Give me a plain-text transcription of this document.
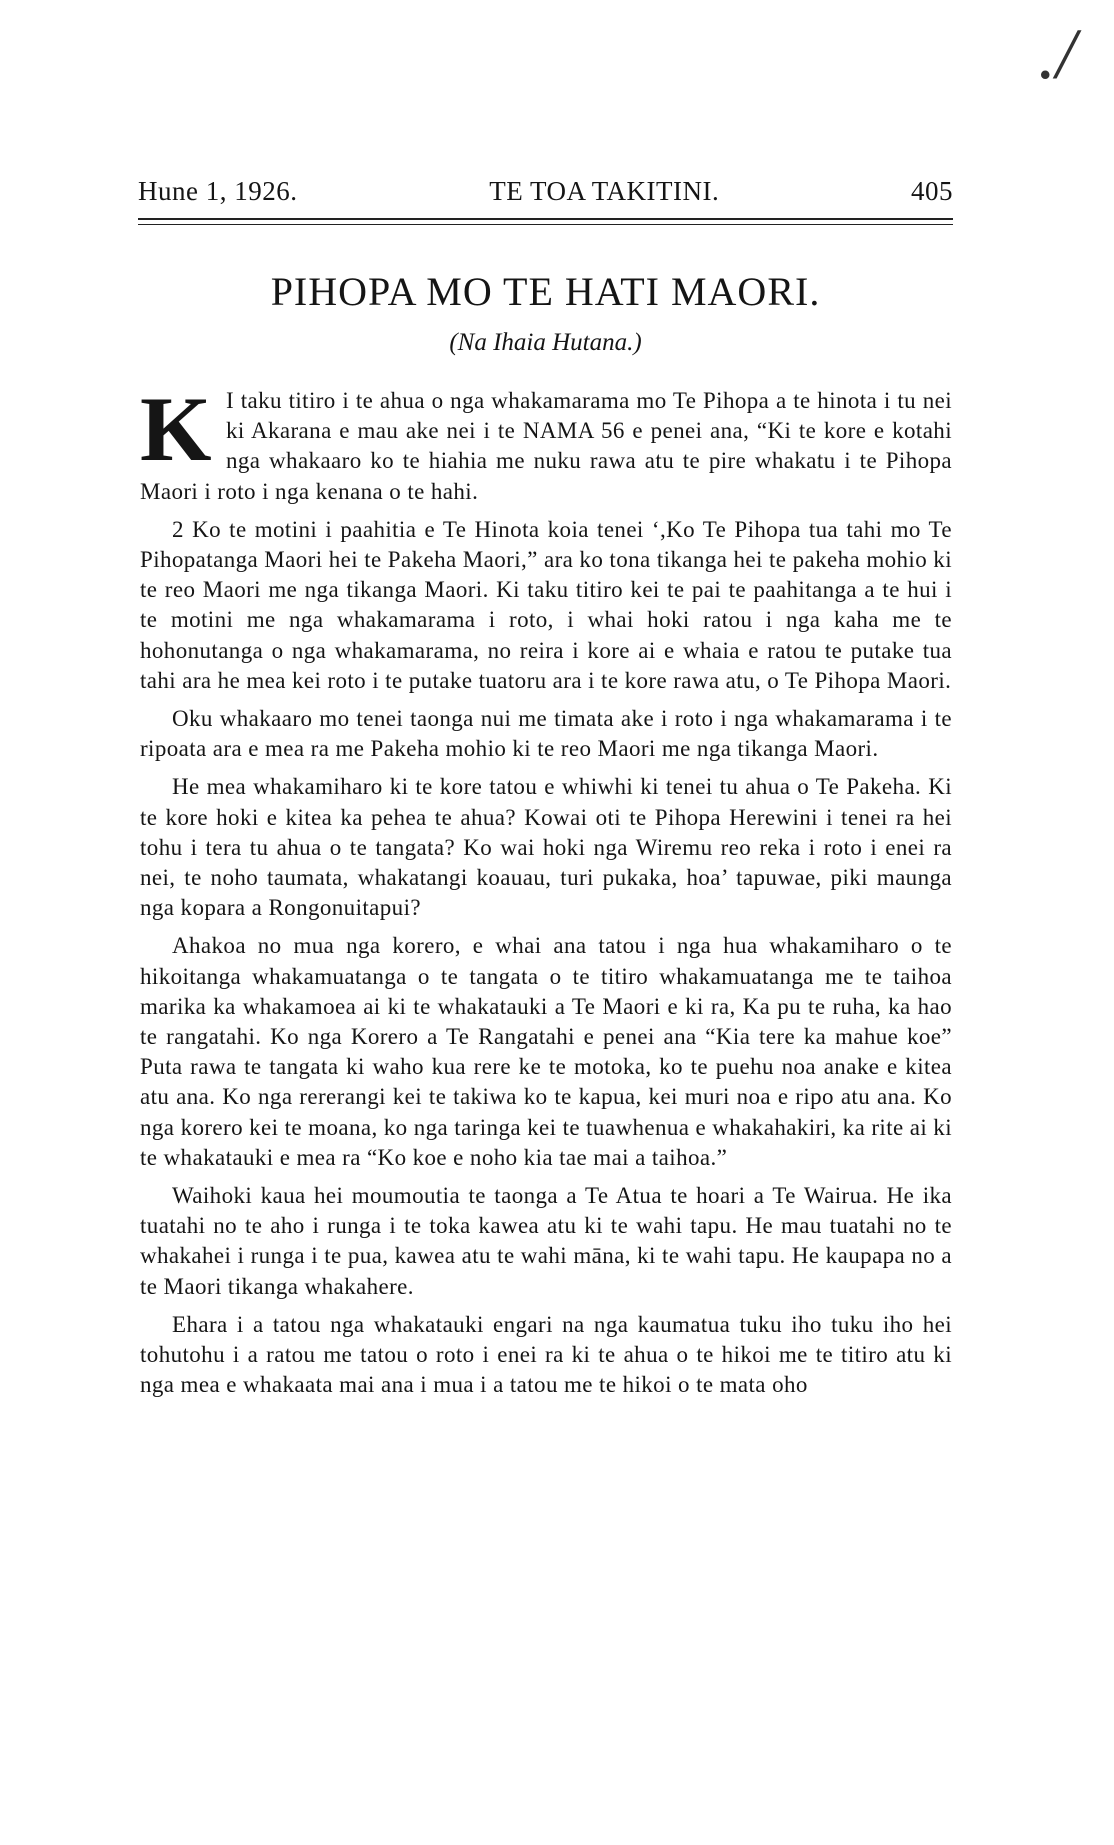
./
Hune 1, 1926.	TE TOA TAKITINI.	405
PIHOPA MO TE HATI MAORI.
(Na Ihaia Hutana.)

K I taku titiro i te ahua o nga whakamarama mo Te Pihopa a te hinota i tu nei ki Akarana e mau ake nei i te NAMA 56 e penei ana, “Ki te kore e kotahi nga whakaaro ko te hiahia me nuku rawa atu te pire whakatu i te Pihopa Maori i roto i nga kenana o te hahi.

2 Ko te motini i paahitia e Te Hinota koia tenei ‘,Ko Te Pihopa tua tahi mo Te Pihopatanga Maori hei te Pakeha Maori,” ara ko tona tikanga hei te pakeha mohio ki te reo Maori me nga tikanga Maori. Ki taku titiro kei te pai te paahitanga a te hui i te motini me nga whakamarama i roto, i whai hoki ratou i nga kaha me te hohonutanga o nga whakamarama, no reira i kore ai e whaia e ratou te putake tua tahi ara he mea kei roto i te putake tuatoru ara i te kore rawa atu, o Te Pihopa Maori.

Oku whakaaro mo tenei taonga nui me timata ake i roto i nga whakamarama i te ripoata ara e mea ra me Pakeha mohio ki te reo Maori me nga tikanga Maori.

He mea whakamiharo ki te kore tatou e whiwhi ki tenei tu ahua o Te Pakeha. Ki te kore hoki e kitea ka pehea te ahua? Kowai oti te Pihopa Herewini i tenei ra hei tohu i tera tu ahua o te tangata? Ko wai hoki nga Wiremu reo reka i roto i enei ra nei, te noho taumata, whakatangi koauau, turi pukaka, hoa’ tapuwae, piki maunga nga kopara a Rongonuitapui?

Ahakoa no mua nga korero, e whai ana tatou i nga hua whakamiharo o te hikoitanga whakamuatanga o te tangata o te titiro whakamuatanga me te taihoa marika ka whakamoea ai ki te whakatauki a Te Maori e ki ra, Ka pu te ruha, ka hao te rangatahi. Ko nga Korero a Te Rangatahi e penei ana “Kia tere ka mahue koe” Puta rawa te tangata ki waho kua rere ke te motoka, ko te puehu noa anake e kitea atu ana. Ko nga rererangi kei te takiwa ko te kapua, kei muri noa e ripo atu ana. Ko nga korero kei te moana, ko nga taringa kei te tuawhenua e whakahakiri, ka rite ai ki te whakatauki e mea ra “Ko koe e noho kia tae mai a taihoa.”

Waihoki kaua hei moumoutia te taonga a Te Atua te hoari a Te Wairua. He ika tuatahi no te aho i runga i te toka kawea atu ki te wahi tapu. He mau tuatahi no te whakahei i runga i te pua, kawea atu te wahi māna, ki te wahi tapu. He kaupapa no a te Maori tikanga whakahere.

Ehara i a tatou nga whakatauki engari na nga kaumatua tuku iho tuku iho hei tohutohu i a ratou me tatou o roto i enei ra ki te ahua o te hikoi me te titiro atu ki nga mea e whakaata mai ana i mua i a tatou me te hikoi o te mata oho
